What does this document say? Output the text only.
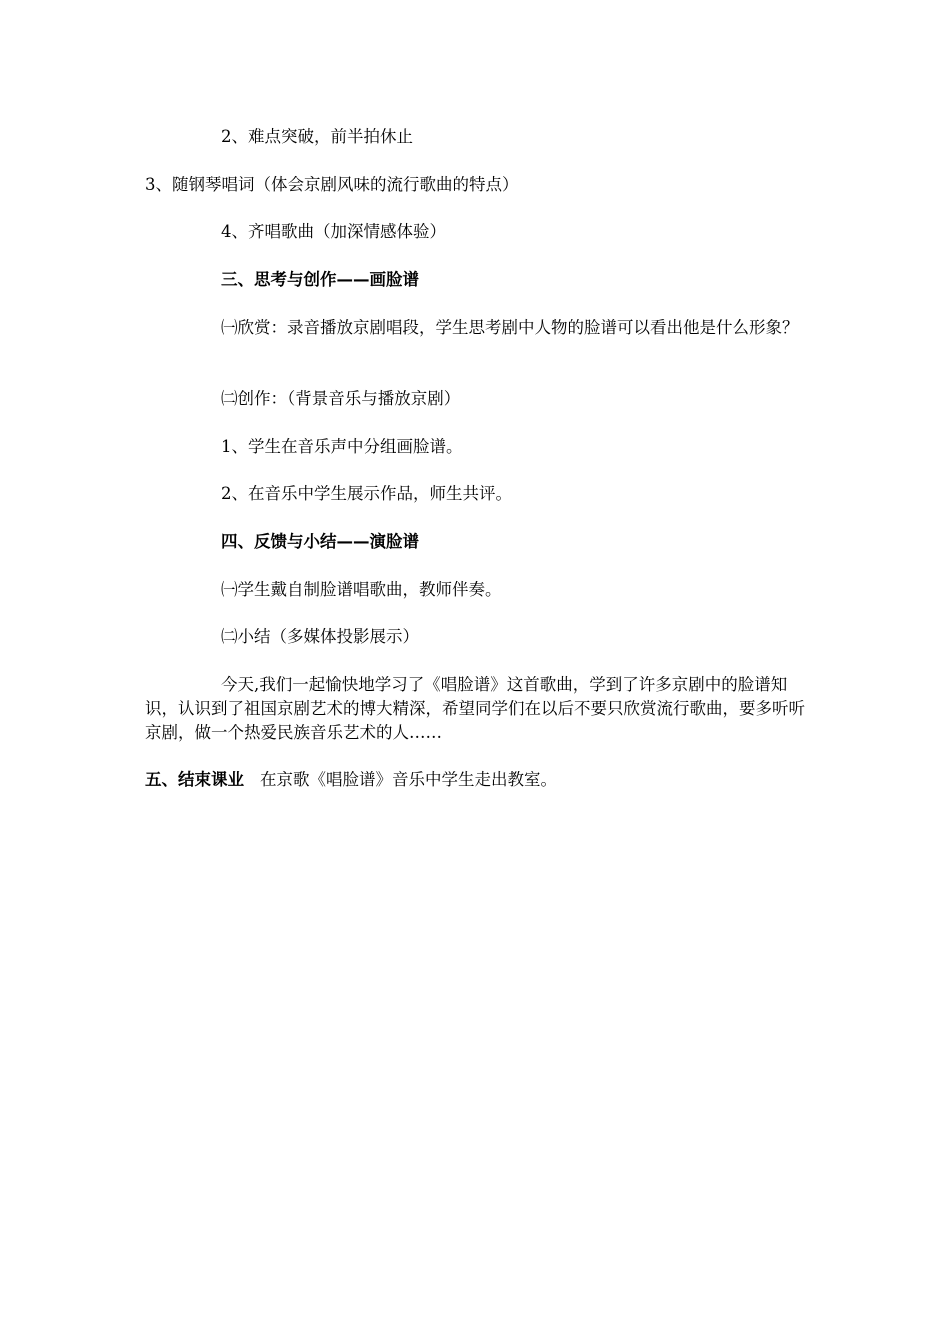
2、难点突破，前半拍休止

3、随钢琴唱词（体会京剧风味的流行歌曲的特点）

4、齐唱歌曲（加深情感体验）

三、思考与创作——画脸谱

㈠欣赏：录音播放京剧唱段，学生思考剧中人物的脸谱可以看出他是什么形象？

㈡创作：（背景音乐与播放京剧）

1、学生在音乐声中分组画脸谱。

2、在音乐中学生展示作品，师生共评。

四、反馈与小结——演脸谱

㈠学生戴自制脸谱唱歌曲，教师伴奏。

㈡小结（多媒体投影展示）

今天,我们一起愉快地学习了《唱脸谱》这首歌曲，学到了许多京剧中的脸谱知识，认识到了祖国京剧艺术的博大精深，希望同学们在以后不要只欣赏流行歌曲，要多听听京剧，做一个热爱民族音乐艺术的人……

五、结束课业 在京歌《唱脸谱》音乐中学生走出教室。
